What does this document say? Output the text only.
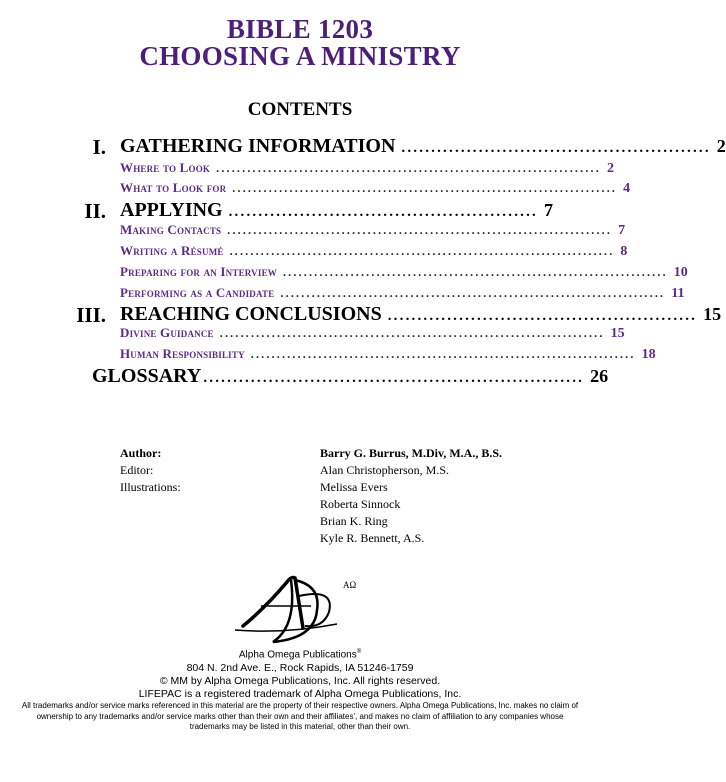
BIBLE 1203
CHOOSING A MINISTRY
CONTENTS
I. GATHERING INFORMATION .................................................... 2
Where to Look .......................................................................... 2
What to Look for .......................................................................... 4
II. APPLYING .................................................... 7
Making Contacts .......................................................................... 7
Writing a Résumé .......................................................................... 8
Preparing for an Interview .......................................................................... 10
Performing as a Candidate .......................................................................... 11
III. REACHING CONCLUSIONS .................................................... 15
Divine Guidance .......................................................................... 15
Human Responsibility .......................................................................... 18
GLOSSARY ................................................................ 26
Author:
Editor:
Illustrations:
Barry G. Burrus, M.Div, M.A., B.S.
Alan Christopherson, M.S.
Melissa Evers
Roberta Sinnock
Brian K. Ring
Kyle R. Bennett, A.S.
AΩ
Alpha Omega Publications®
804 N. 2nd Ave. E., Rock Rapids, IA 51246-1759
© MM by Alpha Omega Publications, Inc. All rights reserved.
LIFEPAC is a registered trademark of Alpha Omega Publications, Inc.
All trademarks and/or service marks referenced in this material are the property of their respective owners. Alpha Omega Publications, Inc. makes no claim of ownership to any trademarks and/or service marks other than their own and their affiliates', and makes no claim of affiliation to any companies whose trademarks may be listed in this material, other than their own.
